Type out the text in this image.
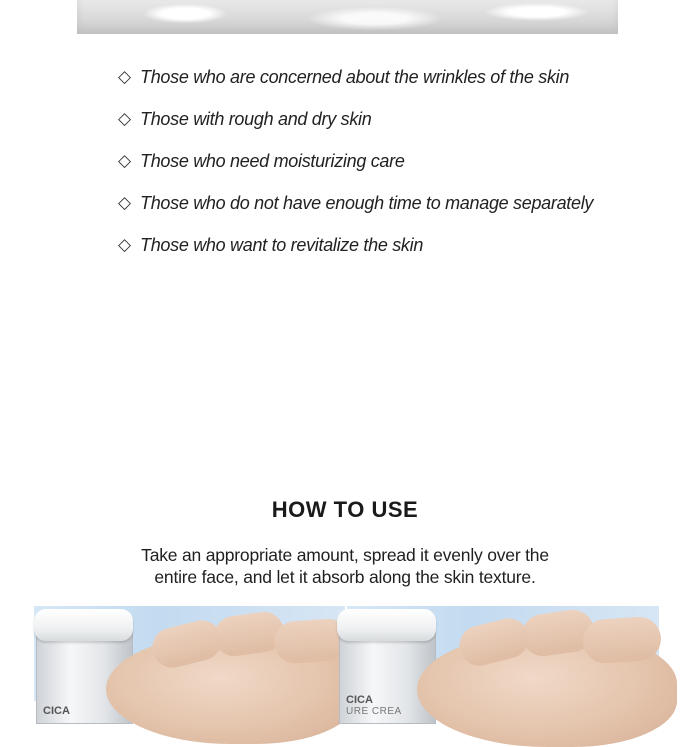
◇ Those who are concerned about the wrinkles of the skin
◇ Those with rough and dry skin
◇ Those who need moisturizing care
◇ Those who do not have enough time to manage separately
◇ Those who want to revitalize the skin
HOW TO USE
Take an appropriate amount, spread it evenly over the
entire face, and let it absorb along the skin texture.
CICA
CICA
URE CREA
